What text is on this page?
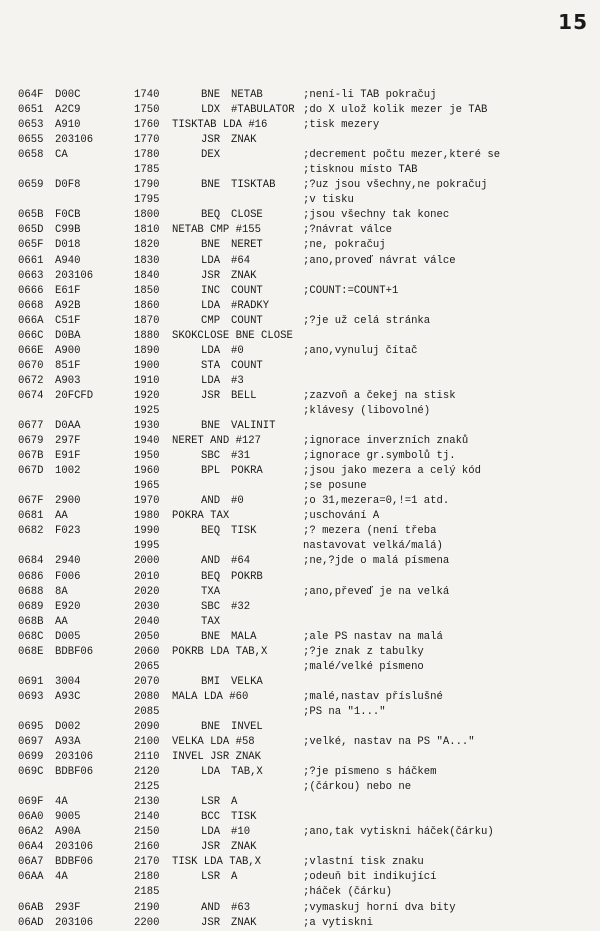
15
064F D00C	1740	BNE NETAB	;není-li TAB pokračuj
0651 A2C9	1750	LDX #TABULATOR ;do X ulož kolik mezer je TAB
0653 A910	1760 TISKTAB LDA #16	;tisk mezery
0655 203106	1770	JSR ZNAK
0658 CA	1780	DEX	;decrement počtu mezer,které se
1785	;tisknou místo TAB
0659 D0F8	1790	BNE TISKTAB	;?uz jsou všechny,ne pokračuj
1795	;v tisku
065B F0CB	1800	BEQ CLOSE	;jsou všechny tak konec
065D C99B	1810 NETAB CMP #155	;?návrat válce
065F D018	1820	BNE NERET	;ne, pokračuj
0661 A940	1830	LDA #64	;ano,proveď návrat válce
0663 203106	1840	JSR ZNAK
0666 E61F	1850	INC COUNT	;COUNT:=COUNT+1
0668 A92B	1860	LDA #RADKY
066A C51F	1870	CMP COUNT	;?je už celá stránka
066C D0BA	1880 SKOKCLOSE BNE CLOSE
066E A900	1890	LDA #0	;ano,vynuluj čítač
0670 851F	1900	STA COUNT
0672 A903	1910	LDA #3
0674 20FCFD	1920	JSR BELL	;zazvoň a čekej na stisk
1925	;klávesy (libovolné)
0677 D0AA	1930	BNE VALINIT
0679 297F	1940 NERET AND #127	;ignorace inverzních znaků
067B E91F	1950	SBC #31	;ignorace gr.symbolů tj.
067D 1002	1960	BPL POKRA	;jsou jako mezera a celý kód
1965	;se posune
067F 2900	1970	AND #0	;o 31,mezera=0,!=1 atd.
0681 AA	1980 POKRA TAX	;uschování A
0682 F023	1990	BEQ TISK	;? mezera (není třeba
1995	nastavovat velká/malá)
0684 2940	2000	AND #64	;ne,?jde o malá písmena
0686 F006	2010	BEQ POKRB
0688 8A	2020	TXA	;ano,převeď je na velká
0689 E920	2030	SBC #32
068B AA	2040	TAX
068C D005	2050	BNE MALA	;ale PS nastav na malá
068E BDBF06	2060 POKRB LDA TAB,X	;?je znak z tabulky
2065	;malé/velké písmeno
0691 3004	2070	BMI VELKA
0693 A93C	2080 MALA LDA #60	;malé,nastav příslušné
2085	;PS na "1..."
0695 D002	2090	BNE INVEL
0697 A93A	2100 VELKA LDA #58	;velké, nastav na PS "A..."
0699 203106	2110 INVEL JSR ZNAK
069C BDBF06	2120	LDA TAB,X	;?je písmeno s háčkem
2125	;(čárkou) nebo ne
069F 4A	2130	LSR A
06A0 9005	2140	BCC TISK
06A2 A90A	2150	LDA #10	;ano,tak vytiskni háček(čárku)
06A4 203106	2160	JSR ZNAK
06A7 BDBF06	2170 TISK LDA TAB,X	;vlastní tisk znaku
06AA 4A	2180	LSR A	;odeuň bit indikující
2185	;háček (čárku)
06AB 293F	2190	AND #63	;vymaskuj horní dva bity
06AD 203106	2200	JSR ZNAK	;a vytiskni
